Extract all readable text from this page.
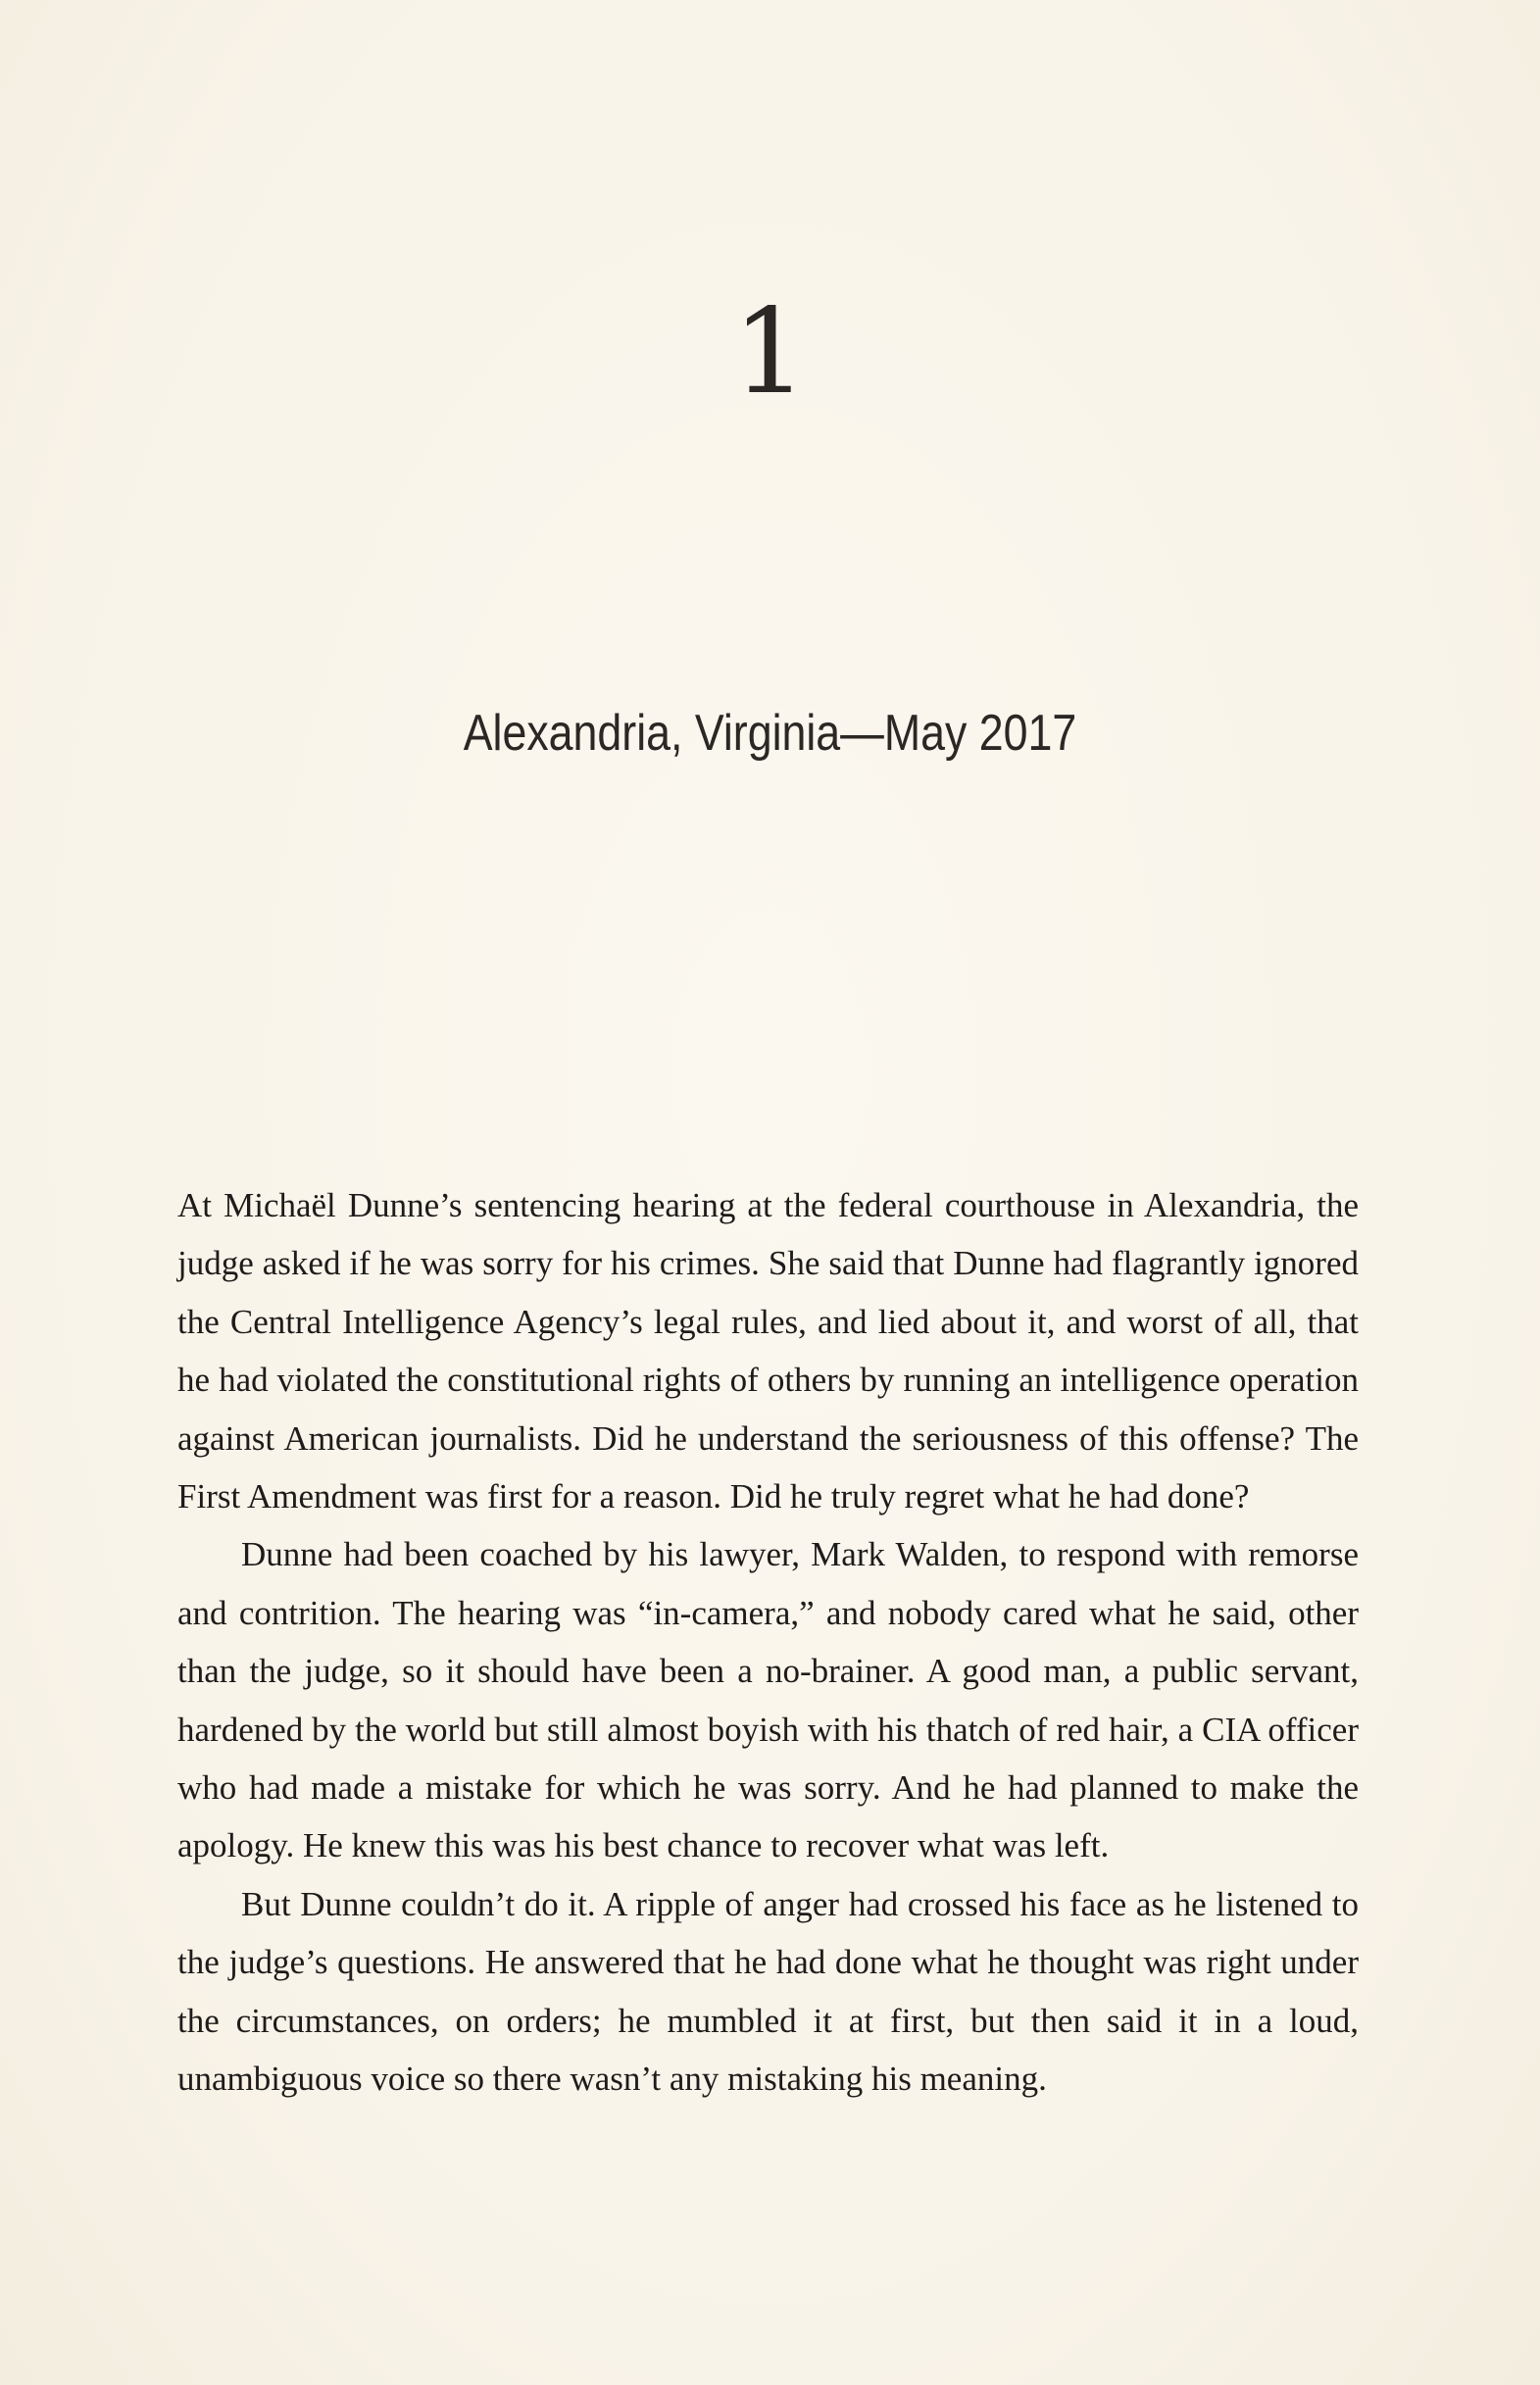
1
Alexandria, Virginia—May 2017

At Michaël Dunne’s sentencing hearing at the federal courthouse in Alexandria, the judge asked if he was sorry for his crimes. She said that Dunne had flagrantly ignored the Central Intelligence Agency’s legal rules, and lied about it, and worst of all, that he had violated the constitutional rights of others by running an intelligence operation against American journalists. Did he understand the seriousness of this offense? The First Amendment was first for a reason. Did he truly regret what he had done?

Dunne had been coached by his lawyer, Mark Walden, to respond with remorse and contrition. The hearing was “in-camera,” and nobody cared what he said, other than the judge, so it should have been a no-brainer. A good man, a public servant, hardened by the world but still almost boyish with his thatch of red hair, a CIA officer who had made a mistake for which he was sorry. And he had planned to make the apology. He knew this was his best chance to recover what was left.

But Dunne couldn’t do it. A ripple of anger had crossed his face as he listened to the judge’s questions. He answered that he had done what he thought was right under the circumstances, on orders; he mumbled it at first, but then said it in a loud, unambiguous voice so there wasn’t any mistaking his meaning.
